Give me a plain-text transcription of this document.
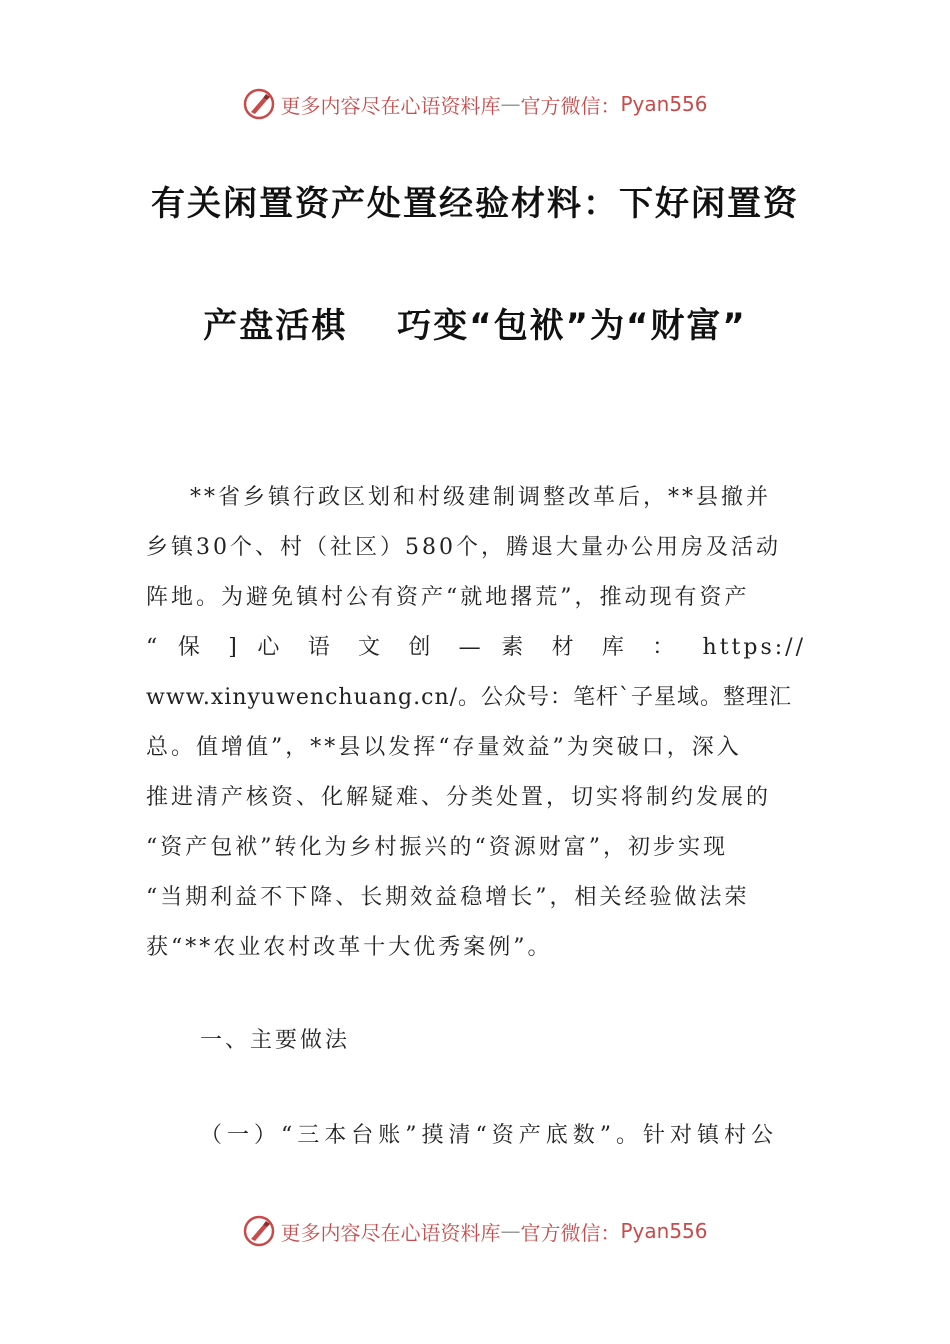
更多内容尽在心语资料库 — 官方微信： Pyan556
有关闲置资产处置经验材料：下好闲置资
产盘活棋 巧变“包袱”为“财富”
**省乡镇行政区划和村级建制调整改革后，**县撤并
乡镇30个、村（社区）580个，腾退大量办公用房及活动
阵地。为避免镇村公有资产“就地撂荒”，推动现有资产
“ 保 ] 心 语 文 创 — 素 材 库 ： https://
www.xinyuwenchuang.cn/。公众号：笔杆`子星域。整理汇
总。值增值”，**县以发挥“存量效益”为突破口，深入
推进清产核资、化解疑难、分类处置，切实将制约发展的
“资产包袱”转化为乡村振兴的“资源财富”，初步实现
“当期利益不下降、长期效益稳增长”，相关经验做法荣
获“**农业农村改革十大优秀案例”。
一、主要做法
（一）“三本台账”摸清“资产底数”。针对镇村公
更多内容尽在心语资料库 — 官方微信： Pyan556
